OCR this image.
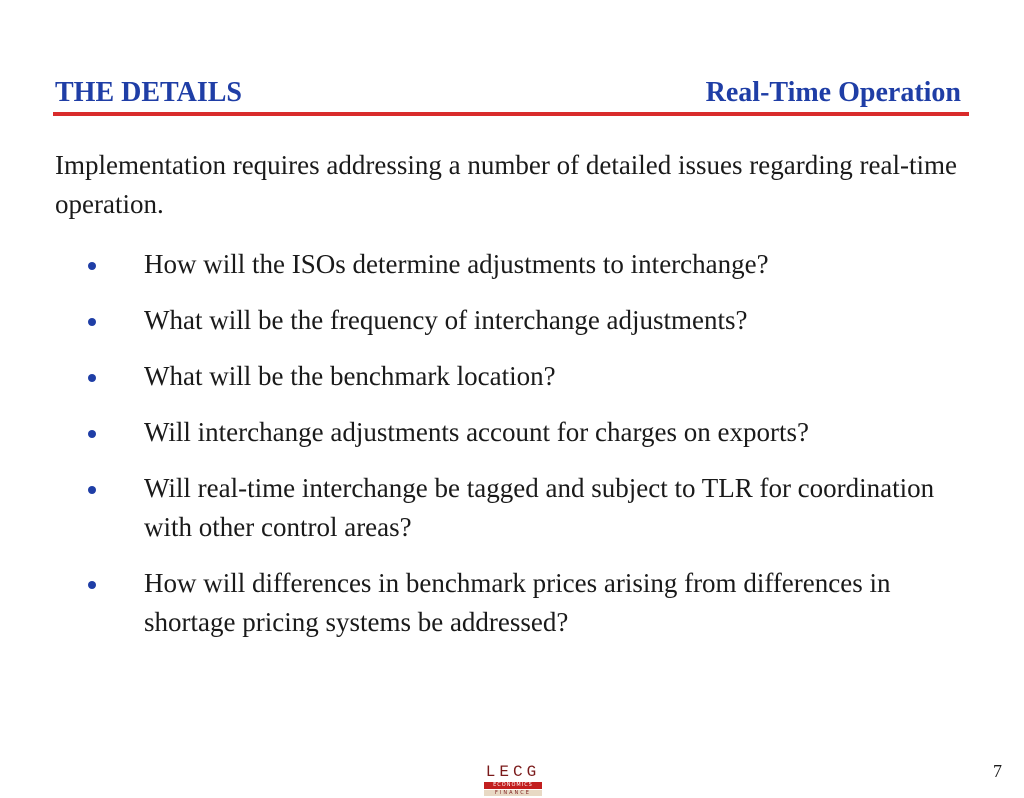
THE DETAILS	Real-Time Operation
Implementation requires addressing a number of detailed issues regarding real-time operation.
How will the ISOs determine adjustments to interchange?
What will be the frequency of interchange adjustments?
What will be the benchmark location?
Will interchange adjustments account for charges on exports?
Will real-time interchange be tagged and subject to TLR for coordination with other control areas?
How will differences in benchmark prices arising from differences in shortage pricing systems be addressed?
LECG
ECONOMICS
FINANCE
7
